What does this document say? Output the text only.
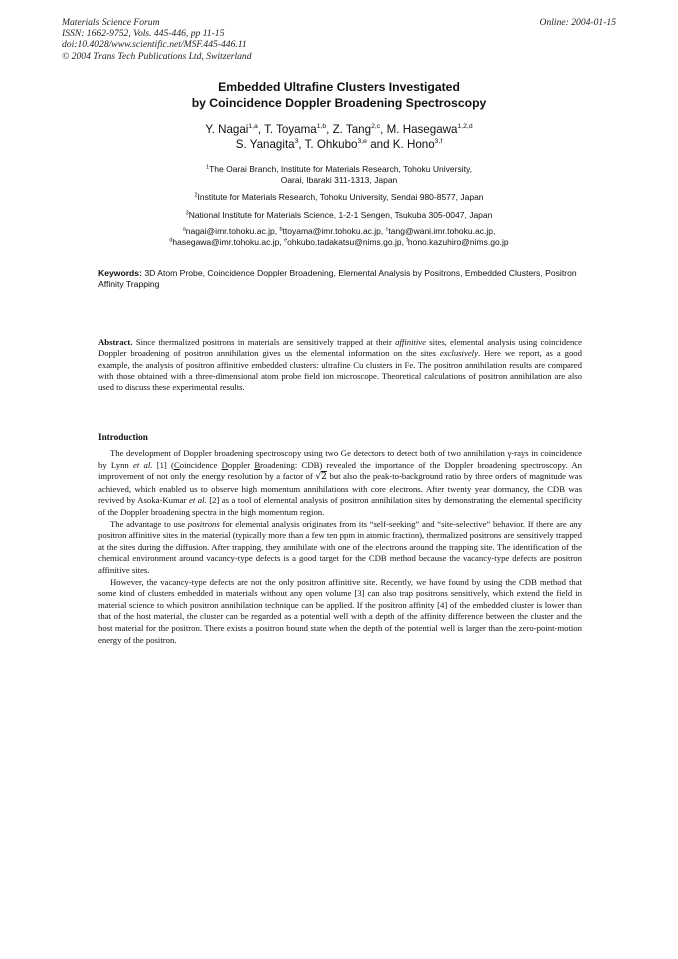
Materials Science Forum
ISSN: 1662-9752, Vols. 445-446, pp 11-15
doi:10.4028/www.scientific.net/MSF.445-446.11
© 2004 Trans Tech Publications Ltd, Switzerland
Online: 2004-01-15
Embedded Ultrafine Clusters Investigated
by Coincidence Doppler Broadening Spectroscopy
Y. Nagai$^{1,a}$, T. Toyama$^{1,b}$, Z. Tang$^{2,c}$, M. Hasegawa$^{1,2,d}$
S. Yanagita$^3$, T. Ohkubo$^{3,e}$ and K. Hono$^{3,f}$
$^1$The Oarai Branch, Institute for Materials Research, Tohoku University,
Oarai, Ibaraki 311-1313, Japan
$^2$Institute for Materials Research, Tohoku University, Sendai 980-8577, Japan
$^3$National Institute for Materials Science, 1-2-1 Sengen, Tsukuba 305-0047, Japan
$^a$nagai@imr.tohoku.ac.jp, $^b$ttoyama@imr.tohoku.ac.jp, $^c$tang@wani.imr.tohoku.ac.jp,
$^d$hasegawa@imr.tohoku.ac.jp, $^e$ohkubo.tadakatsu@nims.go.jp, $^f$hono.kazuhiro@nims.go.jp
Keywords: 3D Atom Probe, Coincidence Doppler Broadening, Elemental Analysis by Positrons, Embedded Clusters, Positron Affinity Trapping
Abstract. Since thermalized positrons in materials are sensitively trapped at their affinitive sites, elemental analysis using coincidence Doppler broadening of positron annihilation gives us the elemental information on the sites exclusively. Here we report, as a good example, the analysis of positron affinitive embedded clusters: ultrafine Cu clusters in Fe. The positron annihilation results are compared with those obtained with a three-dimensional atom probe field ion microscope. Theoretical calculations of positron annihilation are also used to discuss these experimental results.
Introduction

The development of Doppler broadening spectroscopy using two Ge detectors to detect both of two annihilation γ-rays in coincidence by Lynn et al. [1] (Coincidence Doppler Broadening: CDB) revealed the importance of the Doppler broadening spectroscopy. An improvement of not only the energy resolution by a factor of √2 but also the peak-to-background ratio by three orders of magnitude was achieved, which enabled us to observe high momentum annihilations with core electrons. After twenty year dormancy, the CDB was revived by Asoka-Kumar et al. [2] as a tool of elemental analysis of positron annihilation sites by demonstrating the elemental specificity of the Doppler broadening spectra in the high momentum region.

The advantage to use positrons for elemental analysis originates from its “self-seeking” and “site-selective” behavior. If there are any positron affinitive sites in the material (typically more than a few ten ppm in atomic fraction), thermalized positrons are sensitively trapped at the sites during the diffusion. After trapping, they annihilate with one of the electrons around the trapping site. The identification of the chemical environment around vacancy-type defects is a good target for the CDB method because the vacancy-type defects are positron affinitive sites.

However, the vacancy-type defects are not the only positron affinitive site. Recently, we have found by using the CDB method that some kind of clusters embedded in materials without any open volume [3] can also trap positrons sensitively, which extend the field in material science to which positron annihilation technique can be applied. If the positron affinity [4] of the embedded cluster is lower than that of the host material, the cluster can be regarded as a potential well with a depth of the affinity difference between the cluster and the host material for the positron. There exists a positron bound state when the depth of the potential well is larger than the zero-point-motion energy of the positron.
